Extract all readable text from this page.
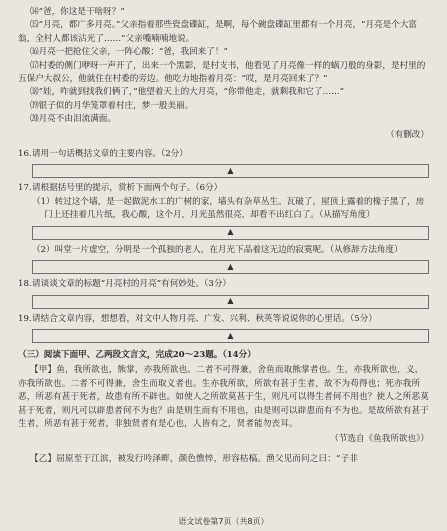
⒁“爸，你这是干啥呀？”

⒂“月亮，都广多月亮。”父亲指着那些瓷盘碟缸，是啊，每个碗盘碟缸里都有一个月亮，“月亮是个大富翁，全村人都该沾光了……”父亲嘴喃喃地说。

⒃月亮一把抢住父亲，一阵心酸：“爸，我回来了！”

⒄村委的侧门咿呀一声开了，出来一个黑影，是村支书，他看见了月亮像一样的蜗刀般的身影，是村里的五保户大叔公，他就住在村委的旁边。他吃力地指着月亮：“哎，是月亮回来了？”

⒅“娃，咋就到找我们俩了，”他望着天上的大月亮，“你带他走，就剩我和它了……”

⒆银子似的月华笼罩着村庄，梦一般美丽。

⒇月亮不由泪流满面。

（有删改）

16.请用一句话概括文章的主要内容。（2分）

▲

17.请根据括号里的提示，赏析下面两个句子。（6分）

（1）转过这个墙，是一起做泥水工的广树的家，墙头有杂草丛生。瓦破了，屋顶上露着的椽子黑了，房门上还挂着几片纸，我心酸，这个月，月光虽然很亮，却看不出红白了。（从描写角度）

▲

（2）叫堂一片虚空，分明是一个孤独的老人，在月光下品着这无边的寂寞呢。（从修辞方法角度）

▲

18.请谈谈文章的标题“月亮村的月亮”有何妙处。（3分）

▲

19.请结合文章内容，想想看，对文中人物月亮、广发、兴利、秋英等说说你的心里话。（5分）

▲

（三）阅读下面甲、乙两段文言文，完成20～23题。（14分）

【甲】鱼，我所欲也，熊掌，亦我所欲也。二者不可得兼，舍鱼而取熊掌者也。生，亦我所欲也，义，亦我所欲也。二者不可得兼，舍生而取义者也。生亦我所欲，所欲有甚于生者，故不为苟得也；死亦我所恶，所恶有甚于死者，故患有所不辟也。如使人之所欲莫甚于生，则凡可以得生者何不用也？使人之所恶莫甚于死者，则凡可以辟患者何不为也？由是则生而有不用也，由是则可以辟患而有不为也。是故所欲有甚于生者，所恶有甚于死者，非独贤者有是心也，人皆有之，贤者能勿丧耳。

（节选自《鱼我所欲也》）

【乙】屈原至于江滨，被发行吟泽畔，颜色憔悴，形容枯槁。渔父见而问之曰：“子非

语文试卷第7页（共8页）
